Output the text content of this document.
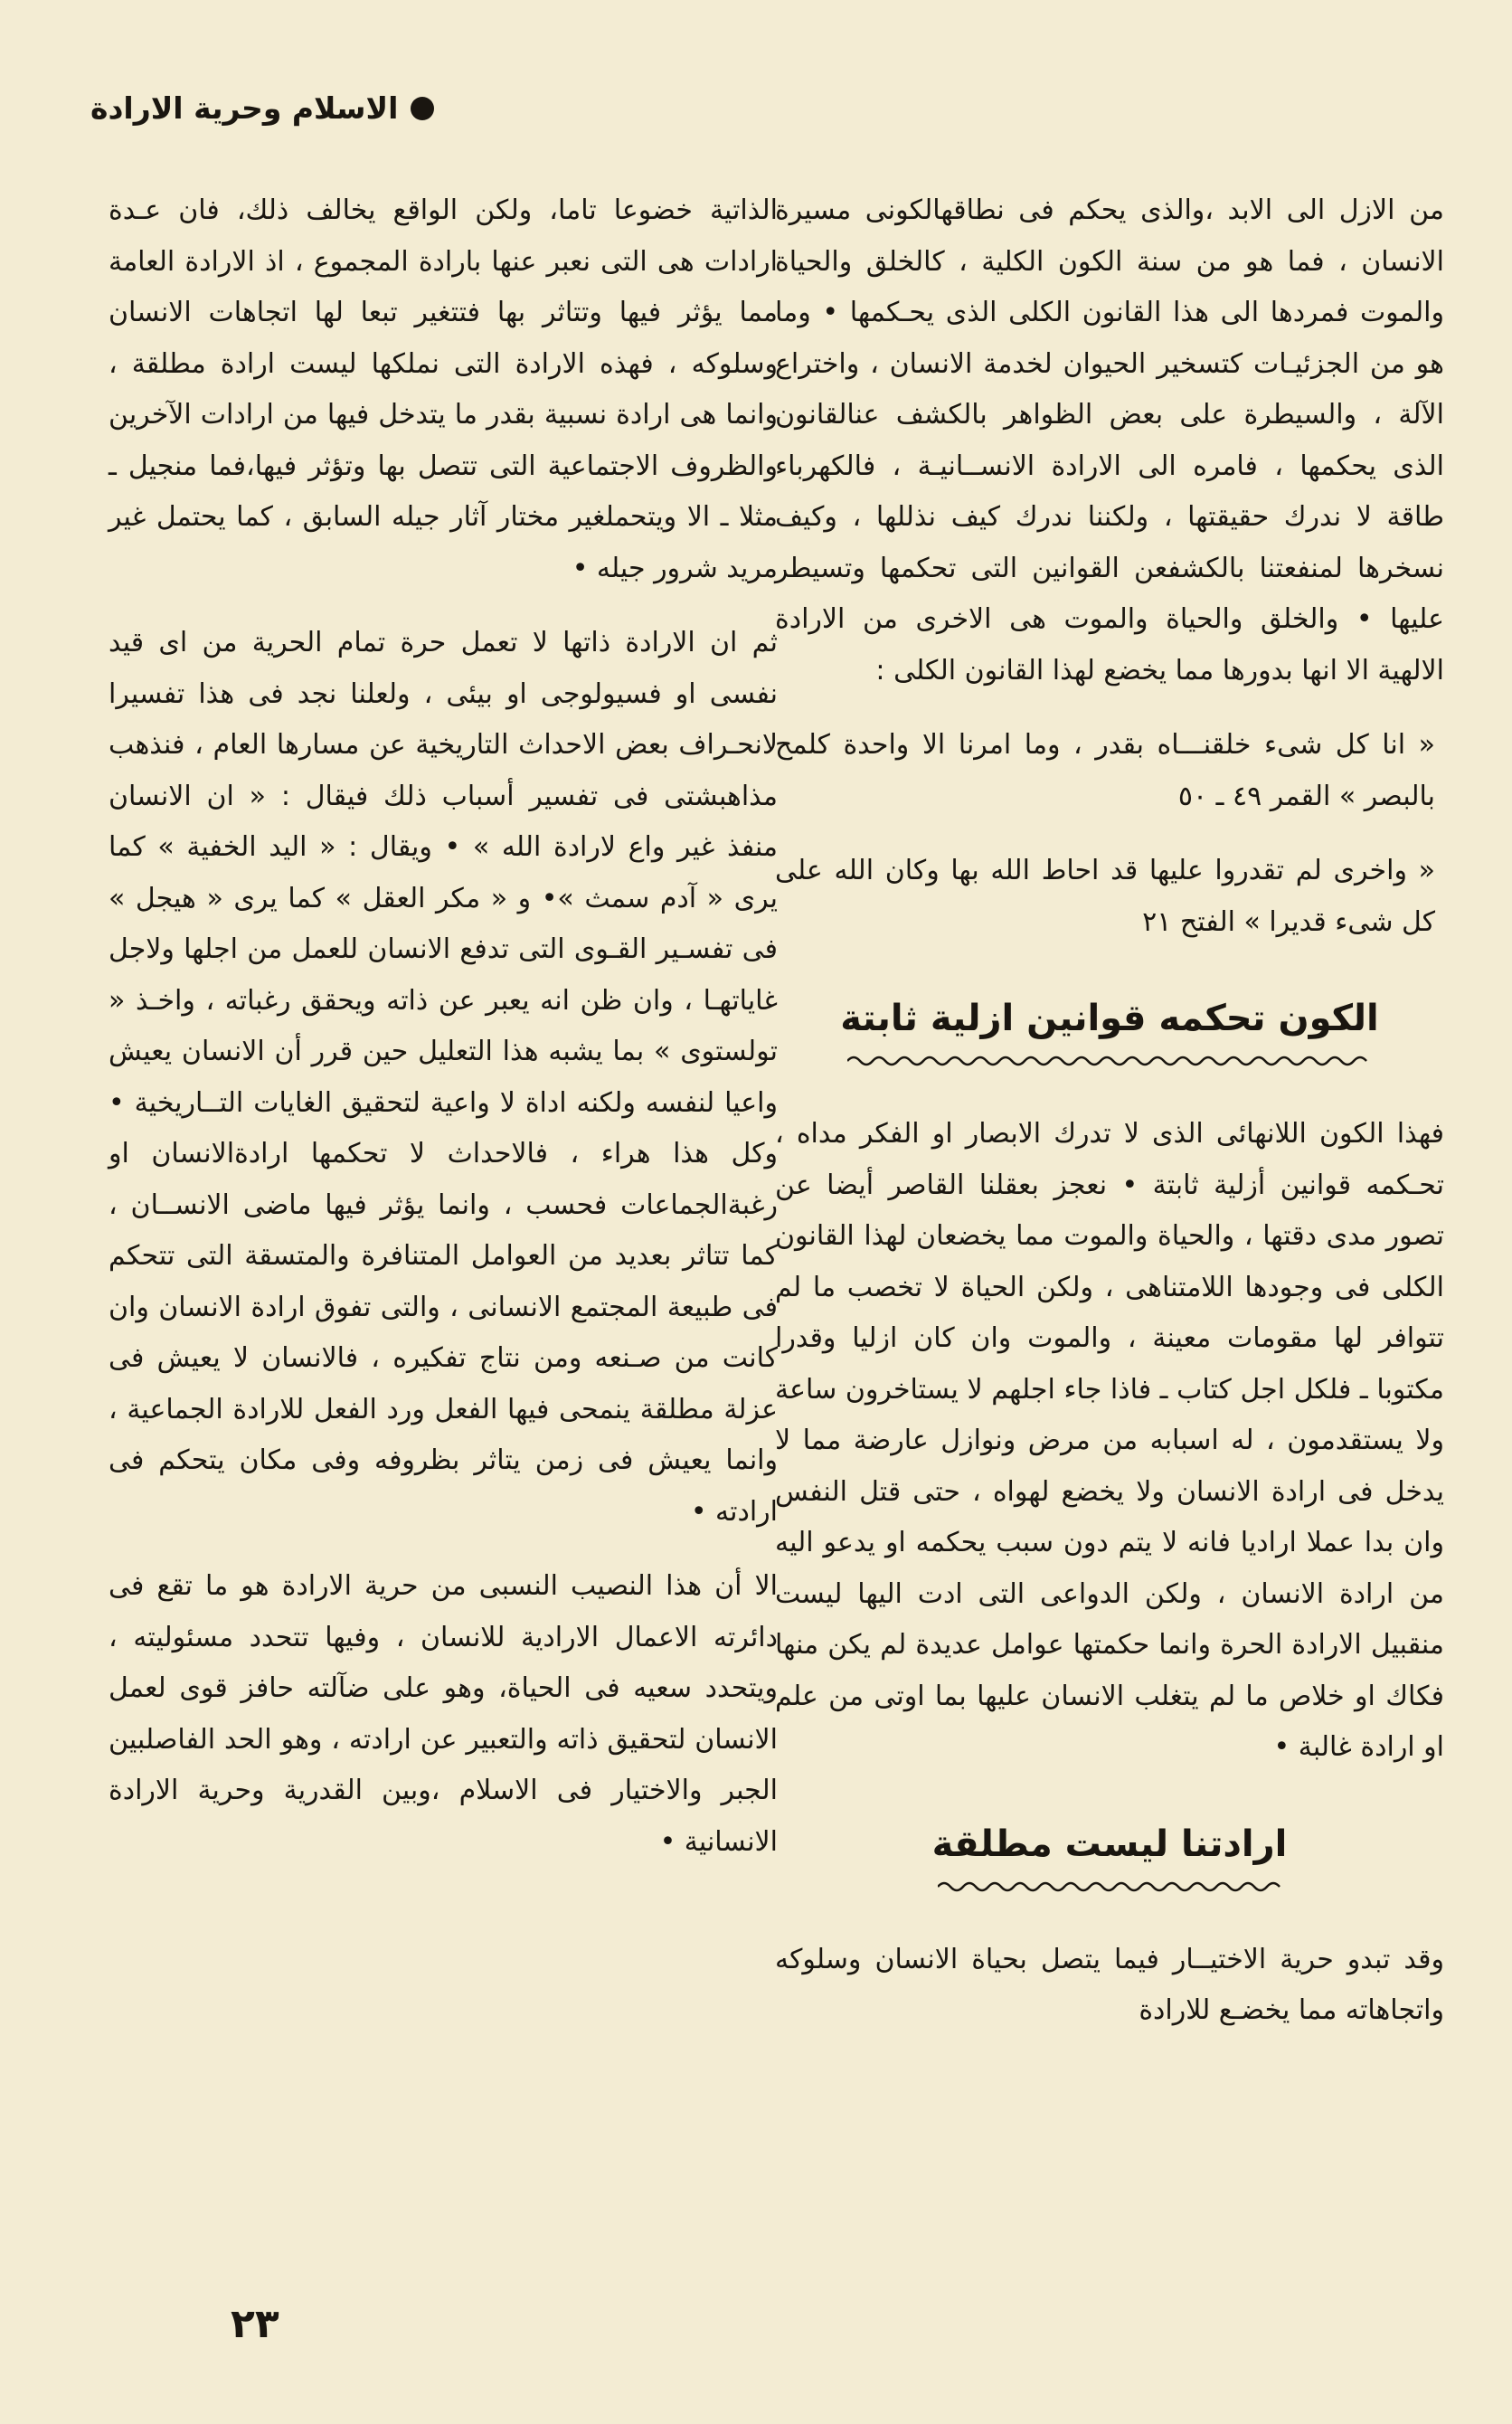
الاسلام وحرية الارادة

من الازل الى الابد ،والذى يحكم فى نطاقهالكونى مسيرة الانسان ، فما هو من سنة الكون الكلية ، كالخلق والحياة والموت فمردها الى هذا القانون الكلى الذى يحـكمها • وما هو من الجزئيـات كتسخير الحيوان لخدمة الانسان ، واختراع الآلة ، والسيطرة على بعض الظواهر بالكشف عنالقانون الذى يحكمها ، فامره الى الارادة الانســانيـة ، فالكهرباء طاقة لا ندرك حقيقتها ، ولكننا ندرك كيف نذللها ، وكيف نسخرها لمنفعتنا بالكشفعن القوانين التى تحكمها وتسيطر عليها • والخلق والحياة والموت هى الاخرى من الارادة الالهية الا انها بدورها مما يخضع لهذا القانون الكلى :

« انا كل شىء خلقنـــاه بقدر ، وما امرنا الا واحدة كلمح بالبصر » القمر ٤٩ ـ ٥٠

« واخرى لم تقدروا عليها قد احاط الله بها وكان الله على كل شىء قديرا » الفتح ٢١

الكون تحكمه قوانين ازلية ثابتة

فهذا الكون اللانهائى الذى لا تدرك الابصار او الفكر مداه ، تحـكمه قوانين أزلية ثابتة • نعجز بعقلنا القاصر أيضا عن تصور مدى دقتها ، والحياة والموت مما يخضعان لهذا القانون الكلى فى وجودها اللامتناهى ، ولكن الحياة لا تخصب ما لم تتوافر لها مقومات معينة ، والموت وان كان ازليا وقدرا مكتوبا ـ فلكل اجل كتاب ـ فاذا جاء اجلهم لا يستاخرون ساعة ولا يستقدمون ، له اسبابه من مرض ونوازل عارضة مما لا يدخل فى ارادة الانسان ولا يخضع لهواه ، حتى قتل النفس وان بدا عملا اراديا فانه لا يتم دون سبب يحكمه او يدعو اليه من ارادة الانسان ، ولكن الدواعى التى ادت اليها ليست منقبيل الارادة الحرة وانما حكمتها عوامل عديدة لم يكن منها فكاك او خلاص ما لم يتغلب الانسان عليها بما اوتى من علم او ارادة غالبة •

ارادتنا ليست مطلقة

وقد تبدو حرية الاختيــار فيما يتصل بحياة الانسان وسلوكه واتجاهاته مما يخضـع للارادة

الذاتية خضوعا تاما، ولكن الواقع يخالف ذلك، فان عـدة ارادات هى التى نعبر عنها بارادة المجموع ، اذ الارادة العامة مما يؤثر فيها وتتاثر بها فتتغير تبعا لها اتجاهات الانسان وسلوكه ، فهذه الارادة التى نملكها ليست ارادة مطلقة ، وانما هى ارادة نسبية بقدر ما يتدخل فيها من ارادات الآخرين والظروف الاجتماعية التى تتصل بها وتؤثر فيها،فما منجيل ـ مثلا ـ الا ويتحملغير مختار آثار جيله السابق ، كما يحتمل غير مريد شرور جيله •

ثم ان الارادة ذاتها لا تعمل حرة تمام الحرية من اى قيد نفسى او فسيولوجى او بيئى ، ولعلنا نجد فى هذا تفسيرا لانحـراف بعض الاحداث التاريخية عن مسارها العام ، فنذهب مذاهبشتى فى تفسير أسباب ذلك فيقال : « ان الانسان منفذ غير واع لارادة الله » • ويقال : « اليد الخفية » كما يرى « آدم سمث »• و « مكر العقل » كما يرى « هيجل » فى تفسـير القـوى التى تدفع الانسان للعمل من اجلها ولاجل غاياتهـا ، وان ظن انه يعبر عن ذاته ويحقق رغباته ، واخـذ « تولستوى » بما يشبه هذا التعليل حين قرر أن الانسان يعيش واعيا لنفسه ولكنه اداة لا واعية لتحقيق الغايات التــاريخية • وكل هذا هراء ، فالاحداث لا تحكمها ارادةالانسان او رغبةالجماعات فحسب ، وانما يؤثر فيها ماضى الانســان ، كما تتاثر بعديد من العوامل المتنافرة والمتسقة التى تتحكم فى طبيعة المجتمع الانسانى ، والتى تفوق ارادة الانسان وان كانت من صـنعه ومن نتاج تفكيره ، فالانسان لا يعيش فى عزلة مطلقة ينمحى فيها الفعل ورد الفعل للارادة الجماعية ، وانما يعيش فى زمن يتاثر بظروفه وفى مكان يتحكم فى ارادته •

الا أن هذا النصيب النسبى من حرية الارادة هو ما تقع فى دائرته الاعمال الارادية للانسان ، وفيها تتحدد مسئوليته ، ويتحدد سعيه فى الحياة، وهو على ضآلته حافز قوى لعمل الانسان لتحقيق ذاته والتعبير عن ارادته ، وهو الحد الفاصلبين الجبر والاختيار فى الاسلام ،وبين القدرية وحرية الارادة الانسانية •

٢٣
